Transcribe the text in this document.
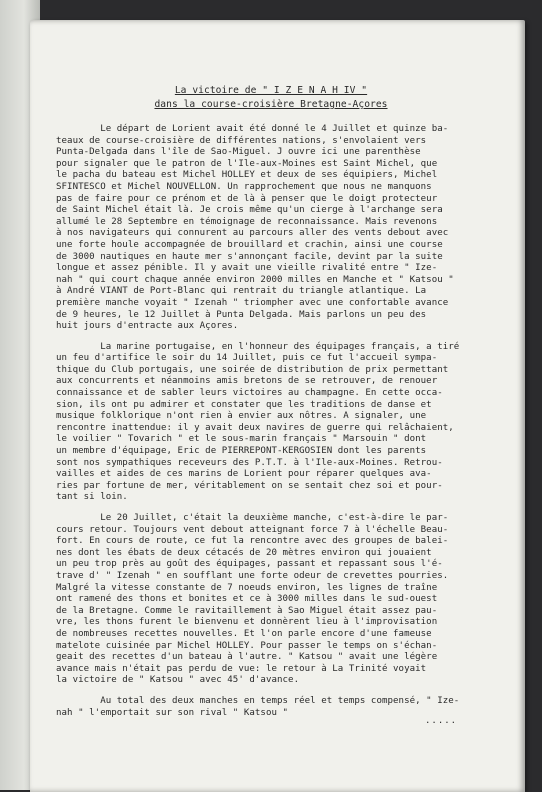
La victoire de " I Z E N A H IV "

dans la course-croisière Bretagne-Açores

Le départ de Lorient avait été donné le 4 Juillet et quinze ba-
teaux de course-croisière de différentes nations, s'envolaient vers
Punta-Delgada dans l'île de Sao-Miguel. J ouvre ici une parenthèse
pour signaler que le patron de l'Ile-aux-Moines est Saint Michel, que
le pacha du bateau est Michel HOLLEY et deux de ses équipiers, Michel
SFINTESCO et Michel NOUVELLON. Un rapprochement que nous ne manquons
pas de faire pour ce prénom et de là à penser que le doigt protecteur
de Saint Michel était là. Je crois même qu'un cierge à l'archange sera
allumé le 28 Septembre en témoignage de reconnaissance. Mais revenons
à nos navigateurs qui connurent au parcours aller des vents debout avec
une forte houle accompagnée de brouillard et crachin, ainsi une course
de 3000 nautiques en haute mer s'annonçant facile, devint par la suite
longue et assez pénible. Il y avait une vieille rivalité entre " Ize-
nah " qui court chaque année environ 2000 milles en Manche et " Katsou "
à André VIANT de Port-Blanc qui rentrait du triangle atlantique. La
première manche voyait " Izenah " triompher avec une confortable avance
de 9 heures, le 12 Juillet à Punta Delgada. Mais parlons un peu des
huit jours d'entracte aux Açores.

La marine portugaise, en l'honneur des équipages français, a tiré
un feu d'artifice le soir du 14 Juillet, puis ce fut l'accueil sympa-
thique du Club portugais, une soirée de distribution de prix permettant
aux concurrents et néanmoins amis bretons de se retrouver, de renouer
connaissance et de sabler leurs victoires au champagne. En cette occa-
sion, ils ont pu admirer et constater que les traditions de danse et
musique folklorique n'ont rien à envier aux nôtres. A signaler, une
rencontre inattendue: il y avait deux navires de guerre qui relâchaient,
le voilier " Tovarich " et le sous-marin français " Marsouin " dont
un membre d'équipage, Eric de PIERREPONT-KERGOSIEN dont les parents
sont nos sympathiques receveurs des P.T.T. à l'Ile-aux-Moines. Retrou-
vailles et aides de ces marins de Lorient pour réparer quelques ava-
ries par fortune de mer, véritablement on se sentait chez soi et pour-
tant si loin.

Le 20 Juillet, c'était la deuxième manche, c'est-à-dire le par-
cours retour. Toujours vent debout atteignant force 7 à l'échelle Beau-
fort. En cours de route, ce fut la rencontre avec des groupes de balei-
nes dont les ébats de deux cétacés de 20 mètres environ qui jouaient
un peu trop près au goût des équipages, passant et repassant sous l'é-
trave d' " Izenah " en soufflant une forte odeur de crevettes pourries.
Malgré la vitesse constante de 7 noeuds environ, les lignes de traîne
ont ramené des thons et bonites et ce à 3000 milles dans le sud-ouest
de la Bretagne. Comme le ravitaillement à Sao Miguel était assez pau-
vre, les thons furent le bienvenu et donnèrent lieu à l'improvisation
de nombreuses recettes nouvelles. Et l'on parle encore d'une fameuse
matelote cuisinée par Michel HOLLEY. Pour passer le temps on s'échan-
geait des recettes d'un bateau à l'autre. " Katsou " avait une légère
avance mais n'était pas perdu de vue: le retour à La Trinité voyait
la victoire de " Katsou " avec 45' d'avance.

Au total des deux manches en temps réel et temps compensé, " Ize-
nah " l'emportait sur son rival " Katsou "

.....
